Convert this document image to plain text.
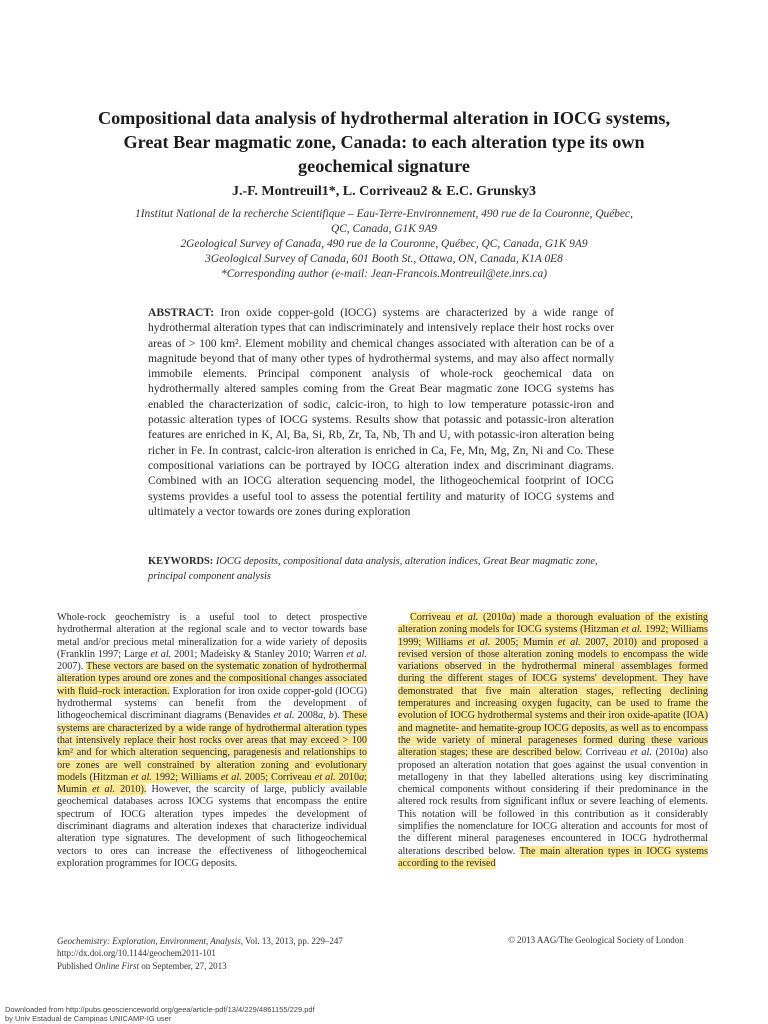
Compositional data analysis of hydrothermal alteration in IOCG systems,
Great Bear magmatic zone, Canada: to each alteration type its own
geochemical signature
J.-F. Montreuil1*, L. Corriveau2 & E.C. Grunsky3
1Institut National de la recherche Scientifique – Eau-Terre-Environnement, 490 rue de la Couronne, Québec,
QC, Canada, G1K 9A9
2Geological Survey of Canada, 490 rue de la Couronne, Québec, QC, Canada, G1K 9A9
3Geological Survey of Canada, 601 Booth St., Ottawa, ON, Canada, K1A 0E8
*Corresponding author (e-mail: Jean-Francois.Montreuil@ete.inrs.ca)
ABSTRACT: Iron oxide copper-gold (IOCG) systems are characterized by a wide range of hydrothermal alteration types that can indiscriminately and intensively replace their host rocks over areas of > 100 km². Element mobility and chemical changes associated with alteration can be of a magnitude beyond that of many other types of hydrothermal systems, and may also affect normally immobile elements. Principal component analysis of whole-rock geochemical data on hydrothermally altered samples coming from the Great Bear magmatic zone IOCG systems has enabled the characterization of sodic, calcic-iron, to high to low temperature potassic-iron and potassic alteration types of IOCG systems. Results show that potassic and potassic-iron alteration features are enriched in K, Al, Ba, Si, Rb, Zr, Ta, Nb, Th and U, with potassic-iron alteration being richer in Fe. In contrast, calcic-iron alteration is enriched in Ca, Fe, Mn, Mg, Zn, Ni and Co. These compositional variations can be portrayed by IOCG alteration index and discriminant diagrams. Combined with an IOCG alteration sequencing model, the lithogeochemical footprint of IOCG systems provides a useful tool to assess the potential fertility and maturity of IOCG systems and ultimately a vector towards ore zones during exploration
KEYWORDS: IOCG deposits, compositional data analysis, alteration indices, Great Bear magmatic zone, principal component analysis
Whole-rock geochemistry is a useful tool to detect prospective hydrothermal alteration at the regional scale and to vector towards base metal and/or precious metal mineralization for a wide variety of deposits (Franklin 1997; Large et al. 2001; Madeisky & Stanley 2010; Warren et al. 2007). These vectors are based on the systematic zonation of hydrothermal alteration types around ore zones and the compositional changes associated with fluid–rock interaction. Exploration for iron oxide copper-gold (IOCG) hydrothermal systems can benefit from the development of lithogeochemical discriminant diagrams (Benavides et al. 2008a, b). These systems are characterized by a wide range of hydrothermal alteration types that intensively replace their host rocks over areas that may exceed > 100 km² and for which alteration sequencing, paragenesis and relationships to ore zones are well constrained by alteration zoning and evolutionary models (Hitzman et al. 1992; Williams et al. 2005; Corriveau et al. 2010a; Mumin et al. 2010). However, the scarcity of large, publicly available geochemical databases across IOCG systems that encompass the entire spectrum of IOCG alteration types impedes the development of discriminant diagrams and alteration indexes that characterize individual alteration type signatures. The development of such lithogeochemical vectors to ores can increase the effectiveness of lithogeochemical exploration programmes for IOCG deposits.
Corriveau et al. (2010a) made a thorough evaluation of the existing alteration zoning models for IOCG systems (Hitzman et al. 1992; Williams 1999; Williams et al. 2005; Mumin et al. 2007, 2010) and proposed a revised version of those alteration zoning models to encompass the wide variations observed in the hydrothermal mineral assemblages formed during the different stages of IOCG systems' development. They have demonstrated that five main alteration stages, reflecting declining temperatures and increasing oxygen fugacity, can be used to frame the evolution of IOCG hydrothermal systems and their iron oxide-apatite (IOA) and magnetite- and hematite-group IOCG deposits, as well as to encompass the wide variety of mineral parageneses formed during these various alteration stages; these are described below. Corriveau et al. (2010a) also proposed an alteration notation that goes against the usual convention in metallogeny in that they labelled alterations using key discriminating chemical components without considering if their predominance in the altered rock results from significant influx or severe leaching of elements. This notation will be followed in this contribution as it considerably simplifies the nomenclature for IOCG alteration and accounts for most of the different mineral parageneses encountered in IOCG hydrothermal alterations described below. The main alteration types in IOCG systems according to the revised
Geochemistry: Exploration, Environment, Analysis, Vol. 13, 2013, pp. 229–247
http://dx.doi.org/10.1144/geochem2011-101
Published Online First on September, 27, 2013
© 2013 AAG/The Geological Society of London
Downloaded from http://pubs.geoscienceworld.org/geea/article-pdf/13/4/229/4861155/229.pdf
by Univ Estadual de Campinas UNICAMP-IG user
